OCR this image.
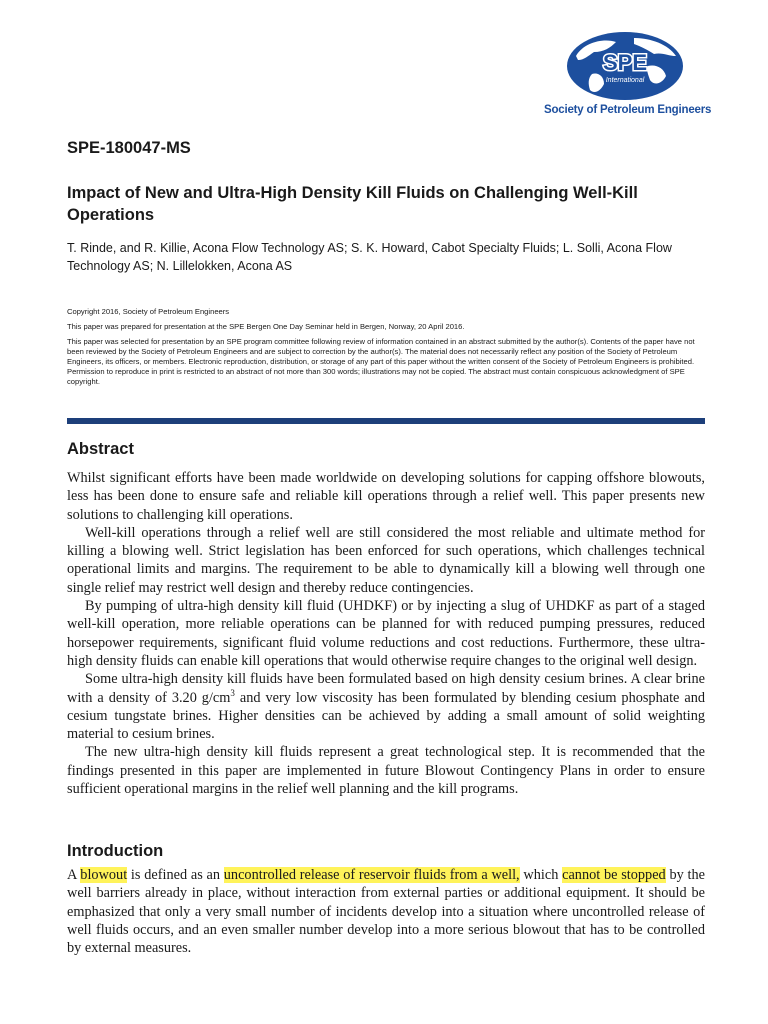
SPE
International
Society of Petroleum Engineers
SPE-180047-MS
Impact of New and Ultra-High Density Kill Fluids on Challenging Well-Kill Operations

T. Rinde, and R. Killie, Acona Flow Technology AS; S. K. Howard, Cabot Specialty Fluids; L. Solli, Acona Flow Technology AS; N. Lillelokken, Acona AS

Copyright 2016, Society of Petroleum Engineers

This paper was prepared for presentation at the SPE Bergen One Day Seminar held in Bergen, Norway, 20 April 2016.

This paper was selected for presentation by an SPE program committee following review of information contained in an abstract submitted by the author(s). Contents of the paper have not been reviewed by the Society of Petroleum Engineers and are subject to correction by the author(s). The material does not necessarily reflect any position of the Society of Petroleum Engineers, its officers, or members. Electronic reproduction, distribution, or storage of any part of this paper without the written consent of the Society of Petroleum Engineers is prohibited. Permission to reproduce in print is restricted to an abstract of not more than 300 words; illustrations may not be copied. The abstract must contain conspicuous acknowledgment of SPE copyright.

Abstract

Whilst significant efforts have been made worldwide on developing solutions for capping offshore blowouts, less has been done to ensure safe and reliable kill operations through a relief well. This paper presents new solutions to challenging kill operations.

Well-kill operations through a relief well are still considered the most reliable and ultimate method for killing a blowing well. Strict legislation has been enforced for such operations, which challenges technical operational limits and margins. The requirement to be able to dynamically kill a blowing well through one single relief may restrict well design and thereby reduce contingencies.

By pumping of ultra-high density kill fluid (UHDKF) or by injecting a slug of UHDKF as part of a staged well-kill operation, more reliable operations can be planned for with reduced pumping pressures, reduced horsepower requirements, significant fluid volume reductions and cost reductions. Furthermore, these ultra-high density fluids can enable kill operations that would otherwise require changes to the original well design.

Some ultra-high density kill fluids have been formulated based on high density cesium brines. A clear brine with a density of 3.20 $g/cm^3$ and very low viscosity has been formulated by blending cesium phosphate and cesium tungstate brines. Higher densities can be achieved by adding a small amount of solid weighting material to cesium brines.

The new ultra-high density kill fluids represent a great technological step. It is recommended that the findings presented in this paper are implemented in future Blowout Contingency Plans in order to ensure sufficient operational margins in the relief well planning and the kill programs.

Introduction

A blowout is defined as an uncontrolled release of reservoir fluids from a well, which cannot be stopped by the well barriers already in place, without interaction from external parties or additional equipment. It should be emphasized that only a very small number of incidents develop into a situation where uncontrolled release of well fluids occurs, and an even smaller number develop into a more serious blowout that has to be controlled by external measures.
